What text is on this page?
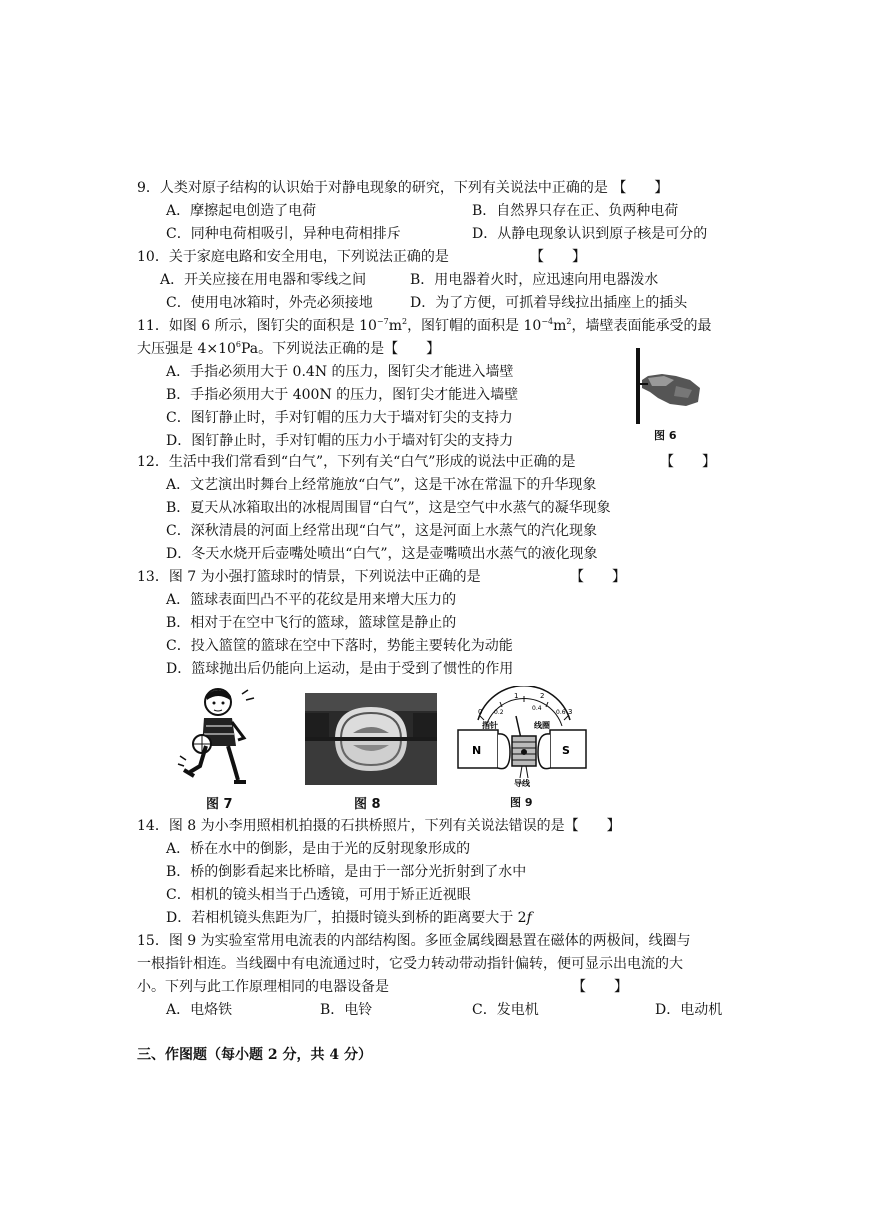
9．人类对原子结构的认识始于对静电现象的研究，下列有关说法中正确的是 【　　】
A．摩擦起电创造了电荷	B．自然界只存在正、负两种电荷
C．同种电荷相吸引，异种电荷相排斥	D．从静电现象认识到原子核是可分的
10．关于家庭电路和安全用电，下列说法正确的是	【　　】
A．开关应接在用电器和零线之间	B．用电器着火时，应迅速向用电器泼水
C．使用电冰箱时，外壳必须接地	D．为了方便，可抓着导线拉出插座上的插头
11．如图 6 所示，图钉尖的面积是 $10^{-7}m^2$，图钉帽的面积是 $10^{-4}m^2$，墙壁表面能承受的最
大压强是 $4\times 10^6Pa$。下列说法正确的是【　　】
A．手指必须用大于 0.4N 的压力，图钉尖才能进入墙壁
B．手指必须用大于 400N 的压力，图钉尖才能进入墙壁
C．图钉静止时，手对钉帽的压力大于墙对钉尖的支持力
D．图钉静止时，手对钉帽的压力小于墙对钉尖的支持力	图 6
12．生活中我们常看到“白气”，下列有关“白气”形成的说法中正确的是	【　　】
A．文艺演出时舞台上经常施放“白气”，这是干冰在常温下的升华现象
B．夏天从冰箱取出的冰棍周围冒“白气”，这是空气中水蒸气的凝华现象
C．深秋清晨的河面上经常出现“白气”，这是河面上水蒸气的汽化现象
D．冬天水烧开后壶嘴处喷出“白气”，这是壶嘴喷出水蒸气的液化现象
13．图 7 为小强打篮球时的情景，下列说法中正确的是	【　　】
A．篮球表面凹凸不平的花纹是用来增大压力的
B．相对于在空中飞行的篮球，篮球筐是静止的
C．投入篮筐的篮球在空中下落时，势能主要转化为动能
D．篮球抛出后仍能向上运动，是由于受到了惯性的作用
图 7	图 8
0
1	2
3
0.2
0.4
0.6
N	S
指针	线圈
导线
图 9
14．图 8 为小李用照相机拍摄的石拱桥照片，下列有关说法错误的是【　　】
A．桥在水中的倒影，是由于光的反射现象形成的
B．桥的倒影看起来比桥暗，是由于一部分光折射到了水中
C．相机的镜头相当于凸透镜，可用于矫正近视眼
D．若相机镜头焦距为厂，拍摄时镜头到桥的距离要大于 2f
15．图 9 为实验室常用电流表的内部结构图。多匝金属线圈悬置在磁体的两极间，线圈与
一根指针相连。当线圈中有电流通过时，它受力转动带动指针偏转，便可显示出电流的大
小。下列与此工作原理相同的电器设备是	【　　】
A．电烙铁	B．电铃	C．发电机	D．电动机
三、作图题（每小题 2 分，共 4 分）
